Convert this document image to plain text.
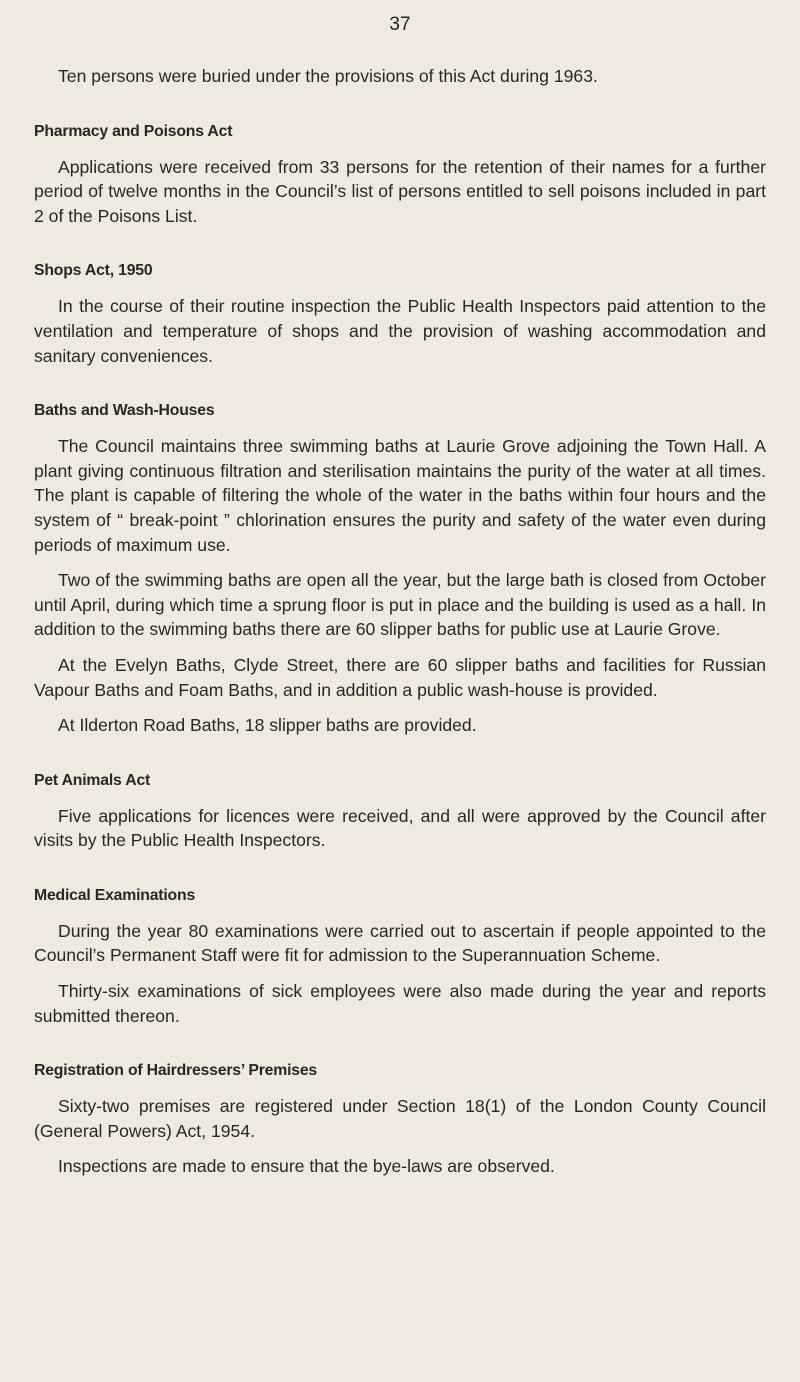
37

Ten persons were buried under the provisions of this Act during 1963.

Pharmacy and Poisons Act

Applications were received from 33 persons for the retention of their names for a further period of twelve months in the Council’s list of persons entitled to sell poisons included in part 2 of the Poisons List.

Shops Act, 1950

In the course of their routine inspection the Public Health Inspectors paid attention to the ventilation and temperature of shops and the provision of washing accommodation and sanitary conveniences.

Baths and Wash-Houses

The Council maintains three swimming baths at Laurie Grove adjoining the Town Hall. A plant giving continuous filtration and sterilisation maintains the purity of the water at all times. The plant is capable of filtering the whole of the water in the baths within four hours and the system of “ break-point ” chlorination ensures the purity and safety of the water even during periods of maximum use.

Two of the swimming baths are open all the year, but the large bath is closed from October until April, during which time a sprung floor is put in place and the building is used as a hall. In addition to the swimming baths there are 60 slipper baths for public use at Laurie Grove.

At the Evelyn Baths, Clyde Street, there are 60 slipper baths and facilities for Russian Vapour Baths and Foam Baths, and in addition a public wash-house is provided.

At Ilderton Road Baths, 18 slipper baths are provided.

Pet Animals Act

Five applications for licences were received, and all were approved by the Council after visits by the Public Health Inspectors.

Medical Examinations

During the year 80 examinations were carried out to ascertain if people appointed to the Council’s Permanent Staff were fit for admission to the Superannuation Scheme.

Thirty-six examinations of sick employees were also made during the year and reports submitted thereon.

Registration of Hairdressers’ Premises

Sixty-two premises are registered under Section 18(1) of the London County Council (General Powers) Act, 1954.

Inspections are made to ensure that the bye-laws are observed.
